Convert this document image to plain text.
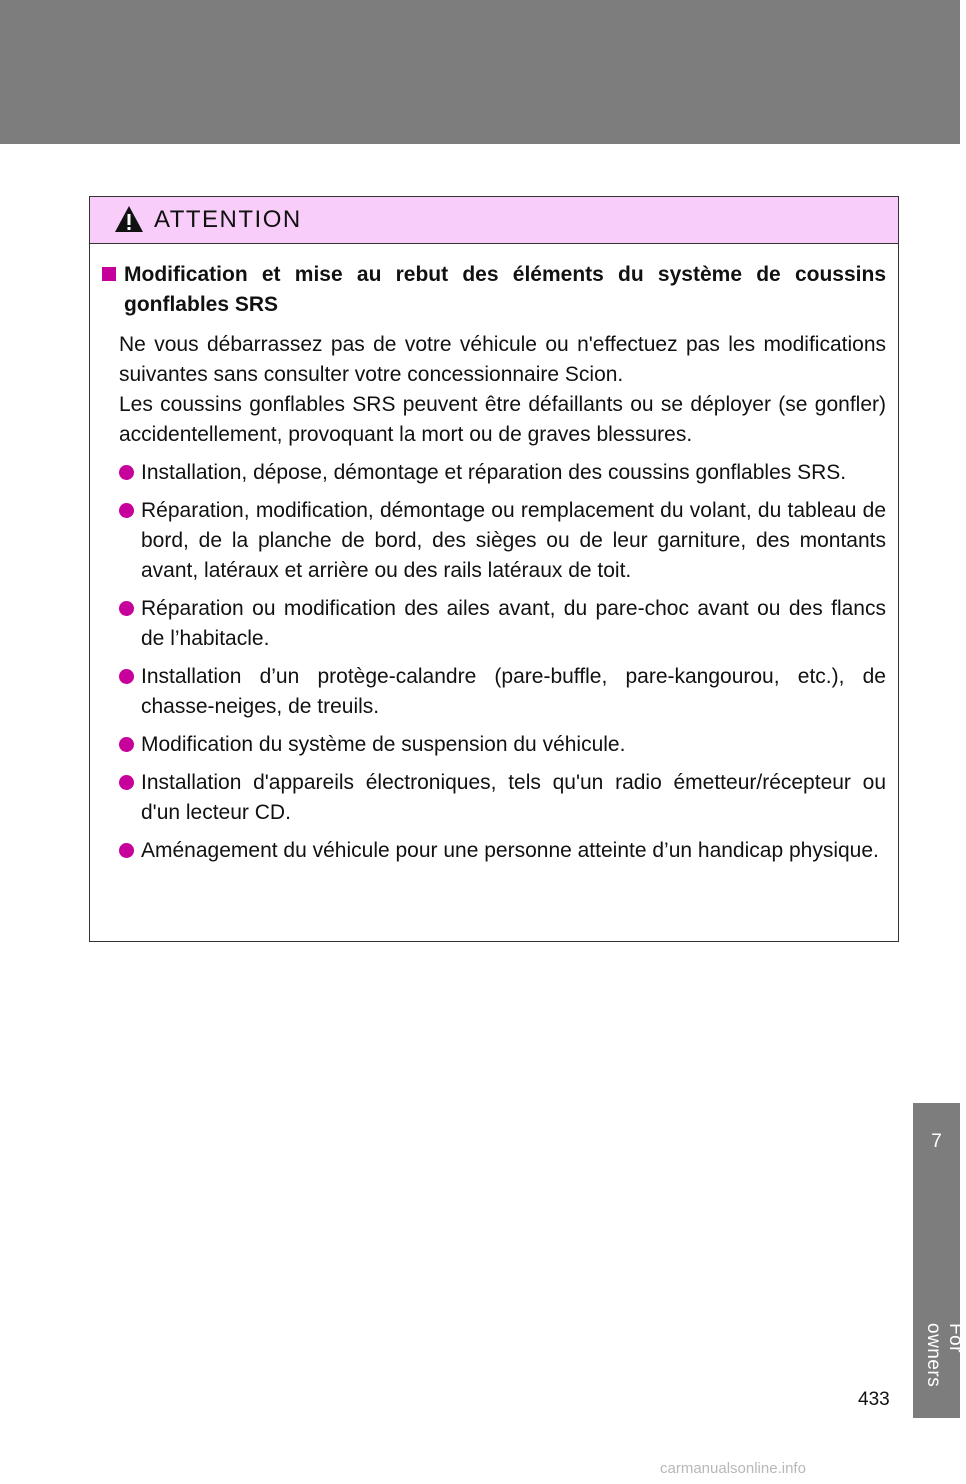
ATTENTION
Modification et mise au rebut des éléments du système de coussins gonflables SRS

Ne vous débarrassez pas de votre véhicule ou n'effectuez pas les modifications suivantes sans consulter votre concessionnaire Scion.

Les coussins gonflables SRS peuvent être défaillants ou se déployer (se gonfler) accidentellement, provoquant la mort ou de graves blessures.

Installation, dépose, démontage et réparation des coussins gonflables SRS.
Réparation, modification, démontage ou remplacement du volant, du tableau de bord, de la planche de bord, des sièges ou de leur garniture, des montants avant, latéraux et arrière ou des rails latéraux de toit.
Réparation ou modification des ailes avant, du pare-choc avant ou des flancs de l’habitacle.
Installation d’un protège-calandre (pare-buffle, pare-kangourou, etc.), de chasse-neiges, de treuils.
Modification du système de suspension du véhicule.
Installation d'appareils électroniques, tels qu'un radio émetteur/récepteur ou d'un lecteur CD.
Aménagement du véhicule pour une personne atteinte d’un handicap physique.
7
For owners
433
carmanualsonline.info
